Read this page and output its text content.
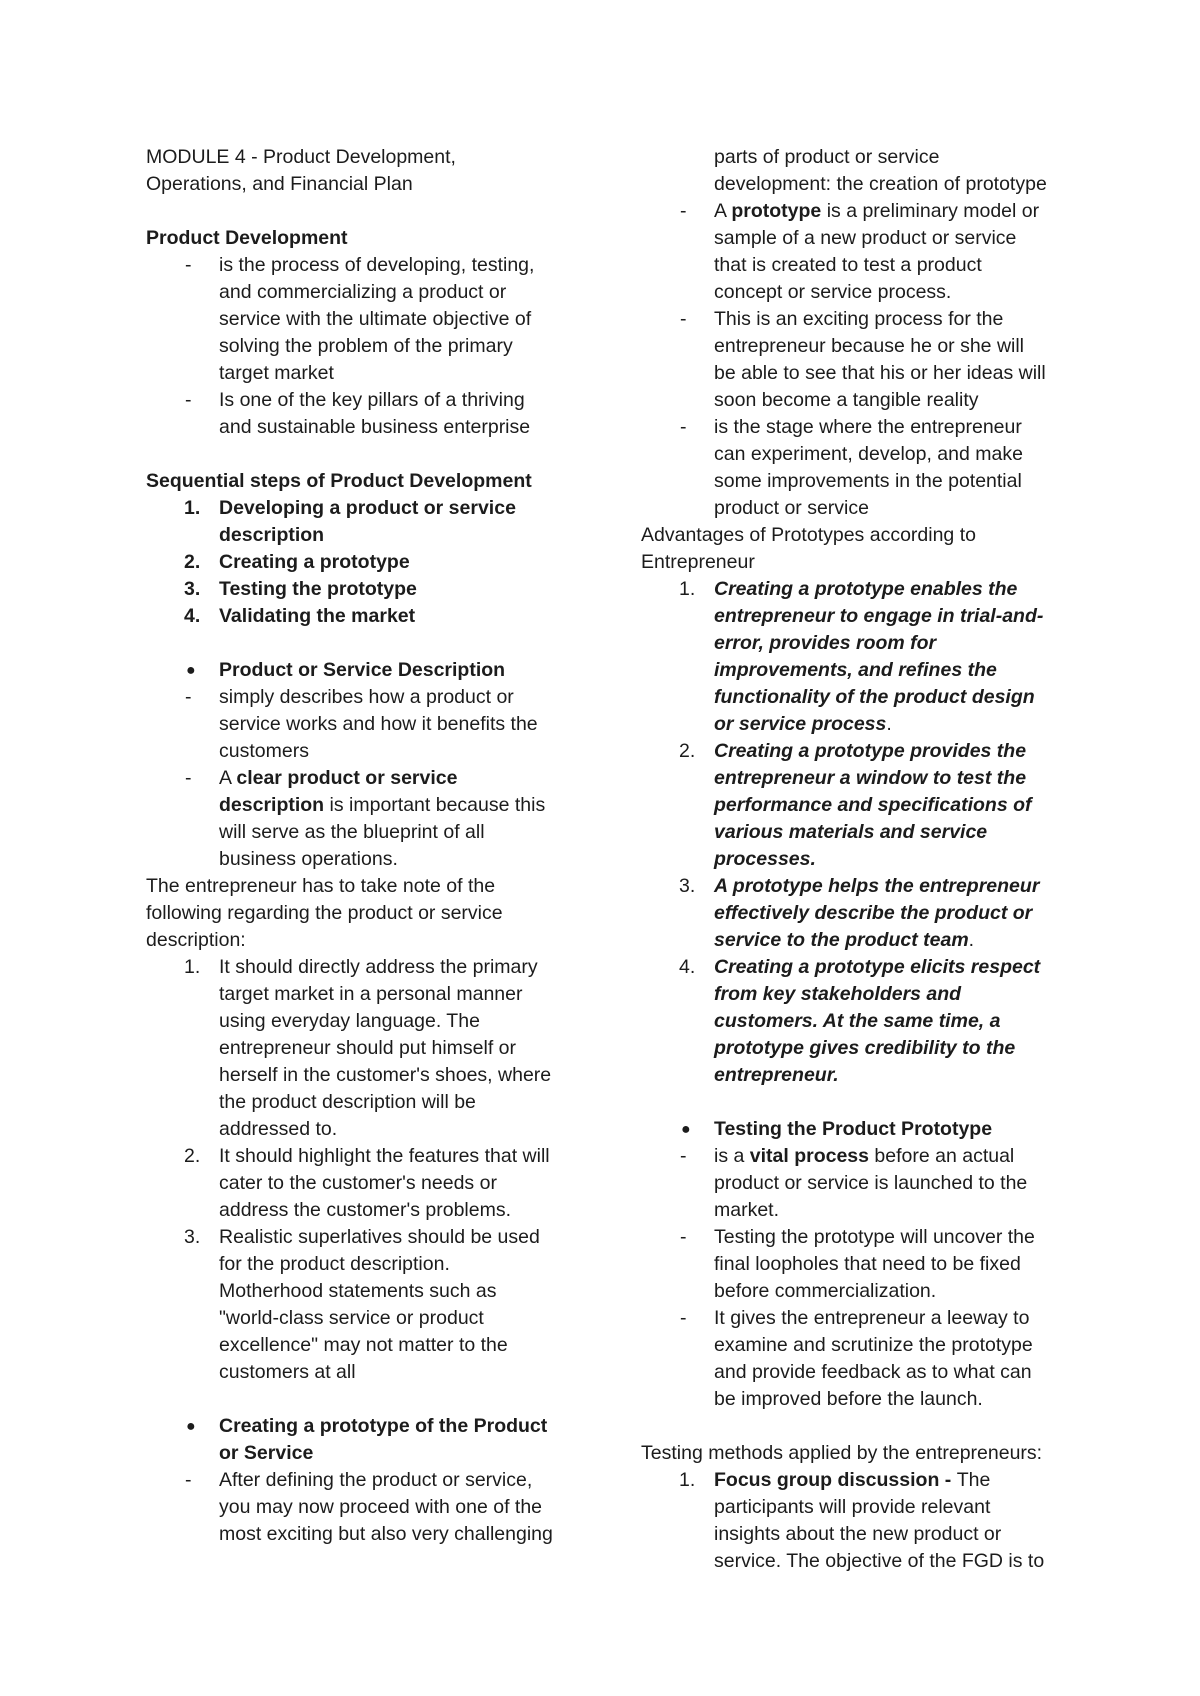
MODULE 4 - Product Development,
Operations, and Financial Plan
Product Development
- is the process of developing, testing,
and commercializing a product or
service with the ultimate objective of
solving the problem of the primary
target market
- Is one of the key pillars of a thriving
and sustainable business enterprise
Sequential steps of Product Development
1. Developing a product or service
description
2. Creating a prototype
3. Testing the prototype
4. Validating the market
● Product or Service Description
- simply describes how a product or
service works and how it benefits the
customers
- A clear product or service
description is important because this
will serve as the blueprint of all
business operations.
The entrepreneur has to take note of the
following regarding the product or service
description:
1. It should directly address the primary
target market in a personal manner
using everyday language. The
entrepreneur should put himself or
herself in the customer's shoes, where
the product description will be
addressed to.
2. It should highlight the features that will
cater to the customer's needs or
address the customer's problems.
3. Realistic superlatives should be used
for the product description.
Motherhood statements such as
"world-class service or product
excellence" may not matter to the
customers at all
● Creating a prototype of the Product
or Service
- After defining the product or service,
you may now proceed with one of the
most exciting but also very challenging
parts of product or service
development: the creation of prototype
- A prototype is a preliminary model or
sample of a new product or service
that is created to test a product
concept or service process.
- This is an exciting process for the
entrepreneur because he or she will
be able to see that his or her ideas will
soon become a tangible reality
- is the stage where the entrepreneur
can experiment, develop, and make
some improvements in the potential
product or service
Advantages of Prototypes according to
Entrepreneur
1. Creating a prototype enables the
entrepreneur to engage in trial-and-
error, provides room for
improvements, and refines the
functionality of the product design
or service process.
2. Creating a prototype provides the
entrepreneur a window to test the
performance and specifications of
various materials and service
processes.
3. A prototype helps the entrepreneur
effectively describe the product or
service to the product team.
4. Creating a prototype elicits respect
from key stakeholders and
customers. At the same time, a
prototype gives credibility to the
entrepreneur.
● Testing the Product Prototype
- is a vital process before an actual
product or service is launched to the
market.
- Testing the prototype will uncover the
final loopholes that need to be fixed
before commercialization.
- It gives the entrepreneur a leeway to
examine and scrutinize the prototype
and provide feedback as to what can
be improved before the launch.
Testing methods applied by the entrepreneurs:
1. Focus group discussion - The
participants will provide relevant
insights about the new product or
service. The objective of the FGD is to
